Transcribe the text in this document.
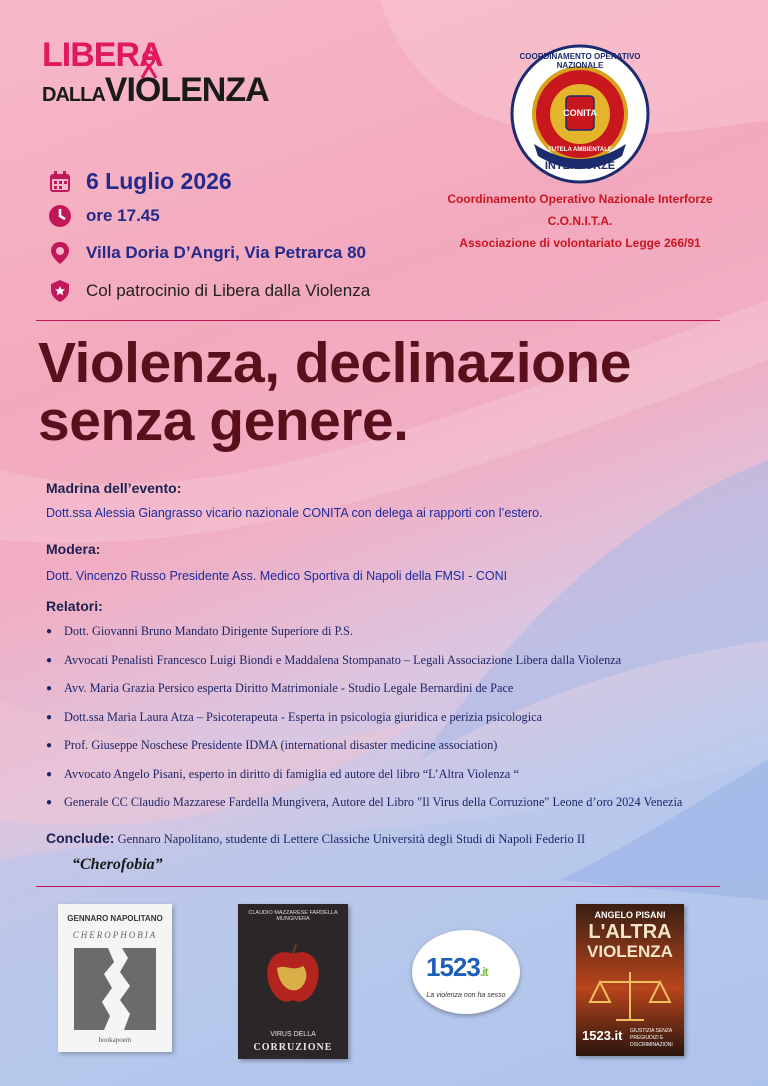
LIBERA
DALLAVIOLENZA
COORDINAMENTO OPERATIVO NAZIONALE
CONITA
TUTELA AMBIENTALE
INTERFORZE
6 Luglio 2026
ore 17.45
Villa Doria D’Angri, Via Petrarca 80
Col patrocinio di Libera dalla Violenza
Coordinamento Operativo Nazionale Interforze
C.O.N.I.T.A.
Associazione di volontariato Legge 266/91
Violenza, declinazione
senza genere.
Madrina dell’evento:
Dott.ssa Alessia Giangrasso vicario nazionale CONITA con delega ai rapporti con l’estero.
Modera:
Dott. Vincenzo Russo Presidente Ass. Medico Sportiva di Napoli della FMSI - CONI
Relatori:
● Dott. Giovanni Bruno Mandato Dirigente Superiore di P.S.
● Avvocati Penalisti Francesco Luigi Biondi e Maddalena Stompanato – Legali Associazione Libera dalla Violenza
● Avv. Maria Grazia Persico esperta Diritto Matrimoniale - Studio Legale Bernardini de Pace
● Dott.ssa Maria Laura Atza – Psicoterapeuta - Esperta in psicologia giuridica e perizia psicologica
● Prof. Giuseppe Noschese Presidente IDMA (international disaster medicine association)
● Avvocato Angelo Pisani, esperto in diritto di famiglia ed autore del libro “L’Altra Violenza “
● Generale CC Claudio Mazzarese Fardella Mungivera, Autore del Libro "Il Virus della Corruzione" Leone d’oro 2024 Venezia
Conclude: Gennaro Napolitano, studente di Lettere Classiche Università degli Studi di Napoli Federio II
“Cherofobia”
GENNARO NAPOLITANO
CHEROPHOBIA
bookapoem
CLAUDIO MAZZARESE FARDELLA MUNGIVERA
VIRUS DELLA
CORRUZIONE
1523.it
La violenza non ha sesso
ANGELO PISANI
L'ALTRA
VIOLENZA
1523.it GIUSTIZIA SENZA PREGIUDIZI E DISCRIMINAZIONI
